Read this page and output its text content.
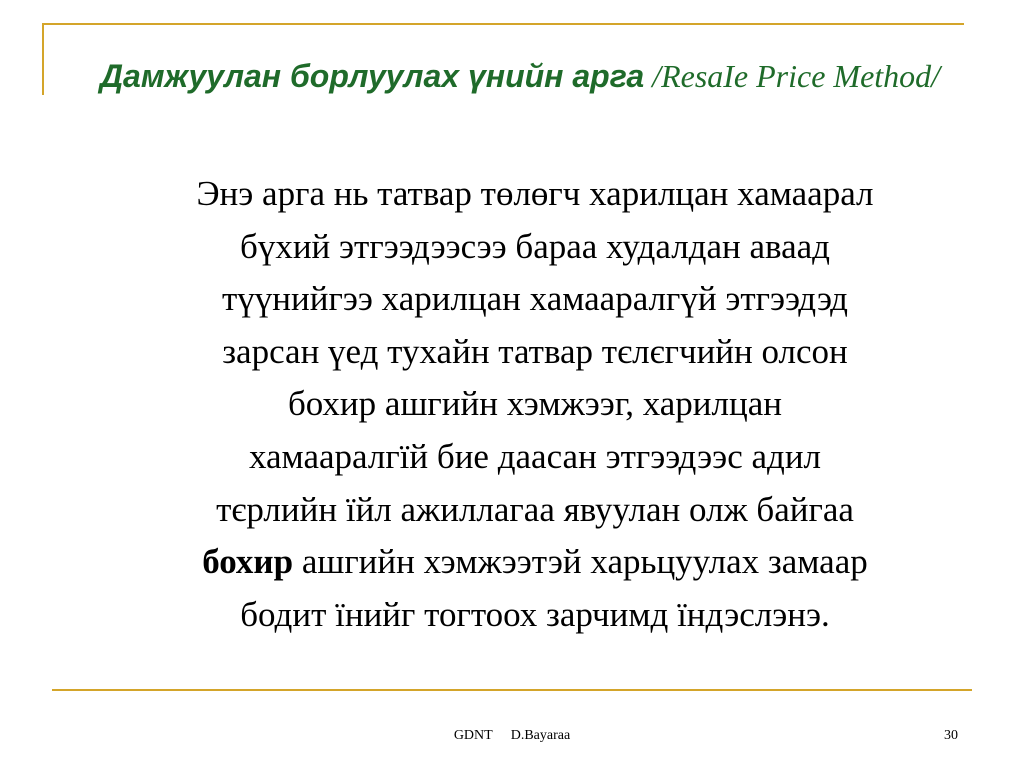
Дамжуулан борлуулах үнийн арга /ResaIe Price Method/
Энэ арга нь татвар төлөгч харилцан хамаарал
бүхий этгээдээсээ бараа худалдан аваад
түүнийгээ харилцан хамааралгүй этгээдэд
зарсан үед тухайн татвар тєлєгчийн олсон
бохир ашгийн хэмжээг, харилцан
хамааралгїй бие даасан этгээдээс адил
тєрлийн їйл ажиллагаа явуулан олж байгаа
бохир ашгийн хэмжээтэй харьцуулах замаар
бодит їнийг тогтоох зарчимд їндэслэнэ.
GDNT D.Bayaraa	30
